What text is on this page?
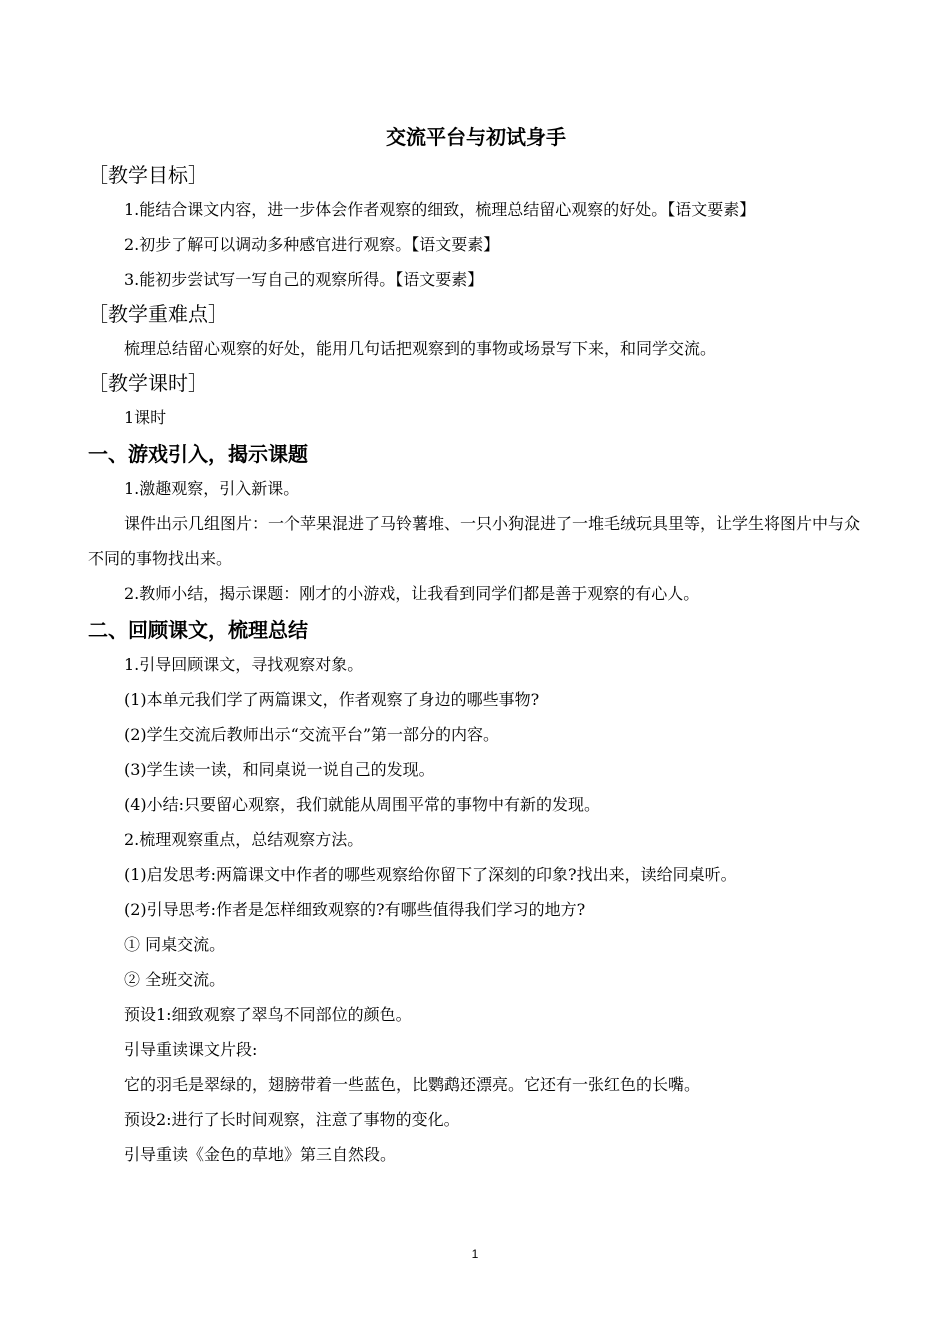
交流平台与初试身手
［教学目标］

1.能结合课文内容，进一步体会作者观察的细致，梳理总结留心观察的好处。【语文要素】

2.初步了解可以调动多种感官进行观察。【语文要素】

3.能初步尝试写一写自己的观察所得。【语文要素】

［教学重难点］

梳理总结留心观察的好处，能用几句话把观察到的事物或场景写下来，和同学交流。

［教学课时］

1课时

一、游戏引入，揭示课题

1.激趣观察，引入新课。

课件出示几组图片：一个苹果混进了马铃薯堆、一只小狗混进了一堆毛绒玩具里等，让学生将图片中与众不同的事物找出来。

2.教师小结，揭示课题：刚才的小游戏，让我看到同学们都是善于观察的有心人。

二、回顾课文，梳理总结

1.引导回顾课文，寻找观察对象。

(1)本单元我们学了两篇课文，作者观察了身边的哪些事物?

(2)学生交流后教师出示“交流平台”第一部分的内容。

(3)学生读一读，和同桌说一说自己的发现。

(4)小结:只要留心观察，我们就能从周围平常的事物中有新的发现。

2.梳理观察重点，总结观察方法。

(1)启发思考:两篇课文中作者的哪些观察给你留下了深刻的印象?找出来，读给同桌听。

(2)引导思考:作者是怎样细致观察的?有哪些值得我们学习的地方?

① 同桌交流。

② 全班交流。

预设1:细致观察了翠鸟不同部位的颜色。

引导重读课文片段:

它的羽毛是翠绿的，翅膀带着一些蓝色，比鹦鹉还漂亮。它还有一张红色的长嘴。

预设2:进行了长时间观察，注意了事物的变化。

引导重读《金色的草地》第三自然段。

1
